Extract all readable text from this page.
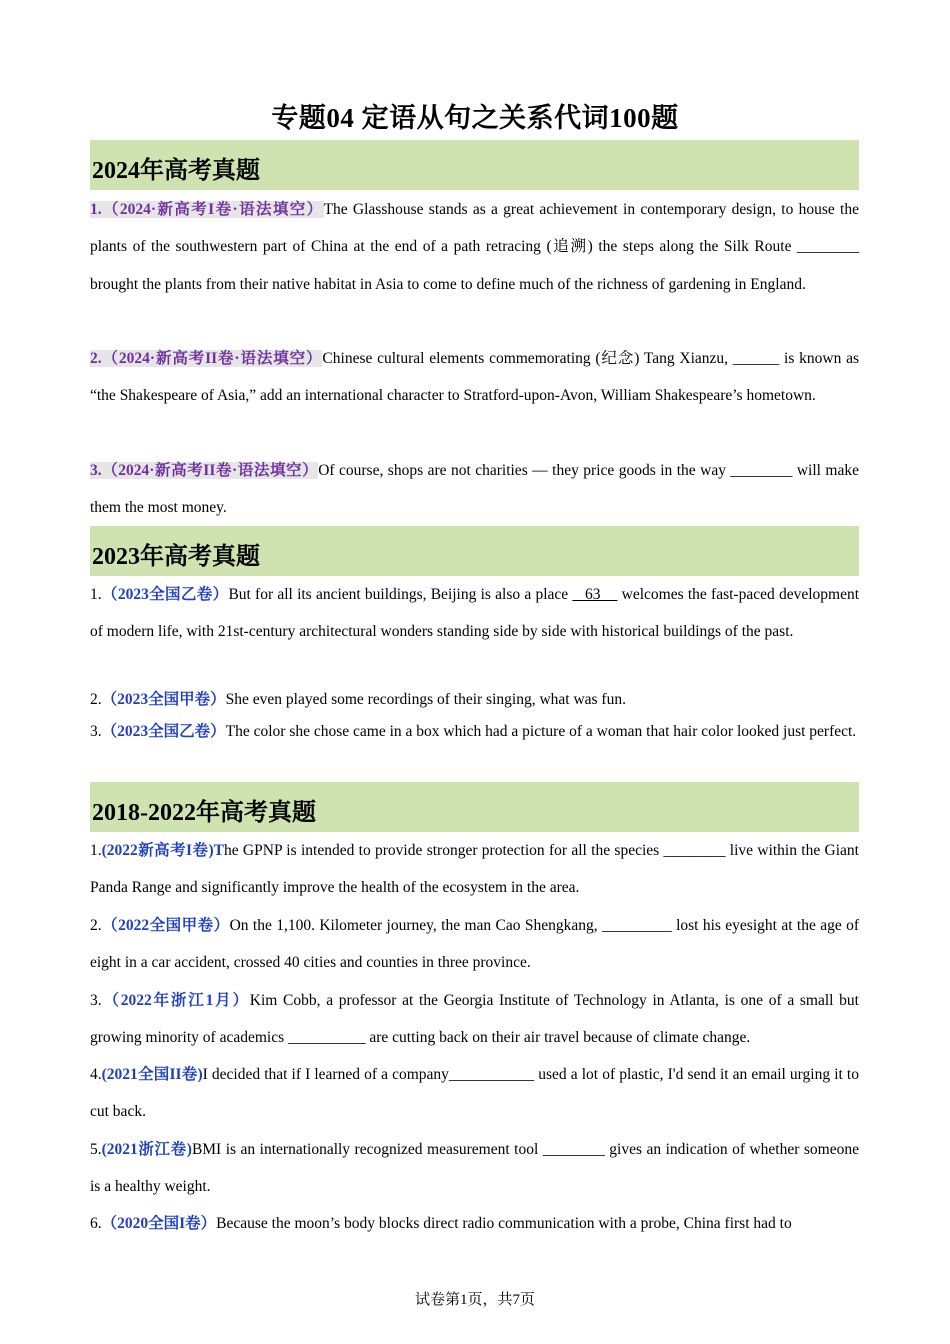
专题04 定语从句之关系代词100题
2024年高考真题

1.（2024·新高考I卷·语法填空）The Glasshouse stands as a great achievement in contemporary design, to house the plants of the southwestern part of China at the end of a path retracing (追溯) the steps along the Silk Route ________ brought the plants from their native habitat in Asia to come to define much of the richness of gardening in England.

2.（2024·新高考II卷·语法填空）Chinese cultural elements commemorating (纪念) Tang Xianzu, ______ is known as “the Shakespeare of Asia,” add an international character to Stratford-upon-Avon, William Shakespeare’s hometown.

3.（2024·新高考II卷·语法填空）Of course, shops are not charities — they price goods in the way ________ will make them the most money.

2023年高考真题

1.（2023全国乙卷）But for all its ancient buildings, Beijing is also a place    63     welcomes the fast-paced development of modern life, with 21st-century architectural wonders standing side by side with historical buildings of the past.

2.（2023全国甲卷）She even played some recordings of their singing, what was fun.

3.（2023全国乙卷）The color she chose came in a box which had a picture of a woman that hair color looked just perfect.

2018-2022年高考真题

1.(2022新高考I卷)The GPNP is intended to provide stronger protection for all the species ________ live within the Giant Panda Range and significantly improve the health of the ecosystem in the area.

2.（2022全国甲卷）On the 1,100. Kilometer journey, the man Cao Shengkang, _________ lost his eyesight at the age of eight in a car accident, crossed 40 cities and counties in three province.

3.（2022年浙江1月）Kim Cobb, a professor at the Georgia Institute of Technology in Atlanta, is one of a small but growing minority of academics __________ are cutting back on their air travel because of climate change.

4.(2021全国II卷)I decided that if I learned of a company___________ used a lot of plastic, I'd send it an email urging it to cut back.

5.(2021浙江卷)BMI is an internationally recognized measurement tool ________ gives an indication of whether someone is a healthy weight.

6.（2020全国I卷）Because the moon’s body blocks direct radio communication with a probe, China first had to

试卷第1页，共7页
